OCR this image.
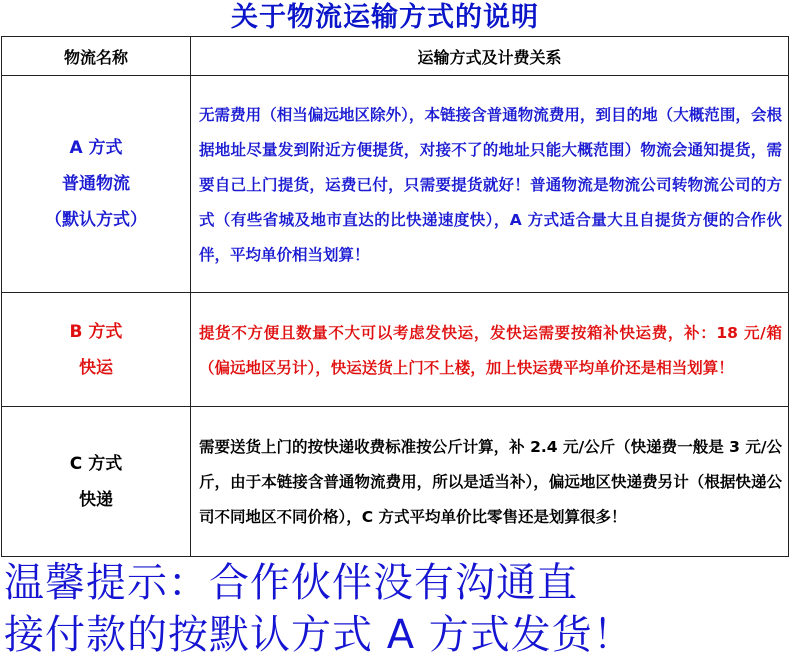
关于物流运输方式的说明
物流名称	运输方式及计费关系

A 方式
普通物流
（默认方式）	无需费用（相当偏远地区除外），本链接含普通物流费用，到目的地（大概范围，会根据地址尽量发到附近方便提货，对接不了的地址只能大概范围）物流会通知提货，需要自己上门提货，运费已付，只需要提货就好！普通物流是物流公司转物流公司的方式（有些省城及地市直达的比快递速度快），A 方式适合量大且自提货方便的合作伙伴，平均单价相当划算！

B 方式
快运	提货不方便且数量不大可以考虑发快运，发快运需要按箱补快运费，补：18 元/箱（偏远地区另计），快运送货上门不上楼，加上快运费平均单价还是相当划算！

C 方式
快递	需要送货上门的按快递收费标准按公斤计算，补 2.4 元/公斤（快递费一般是 3 元/公斤，由于本链接含普通物流费用，所以是适当补），偏远地区快递费另计（根据快递公司不同地区不同价格），C 方式平均单价比零售还是划算很多！
温馨提示：合作伙伴没有沟通直
接付款的按默认方式 A 方式发货！
